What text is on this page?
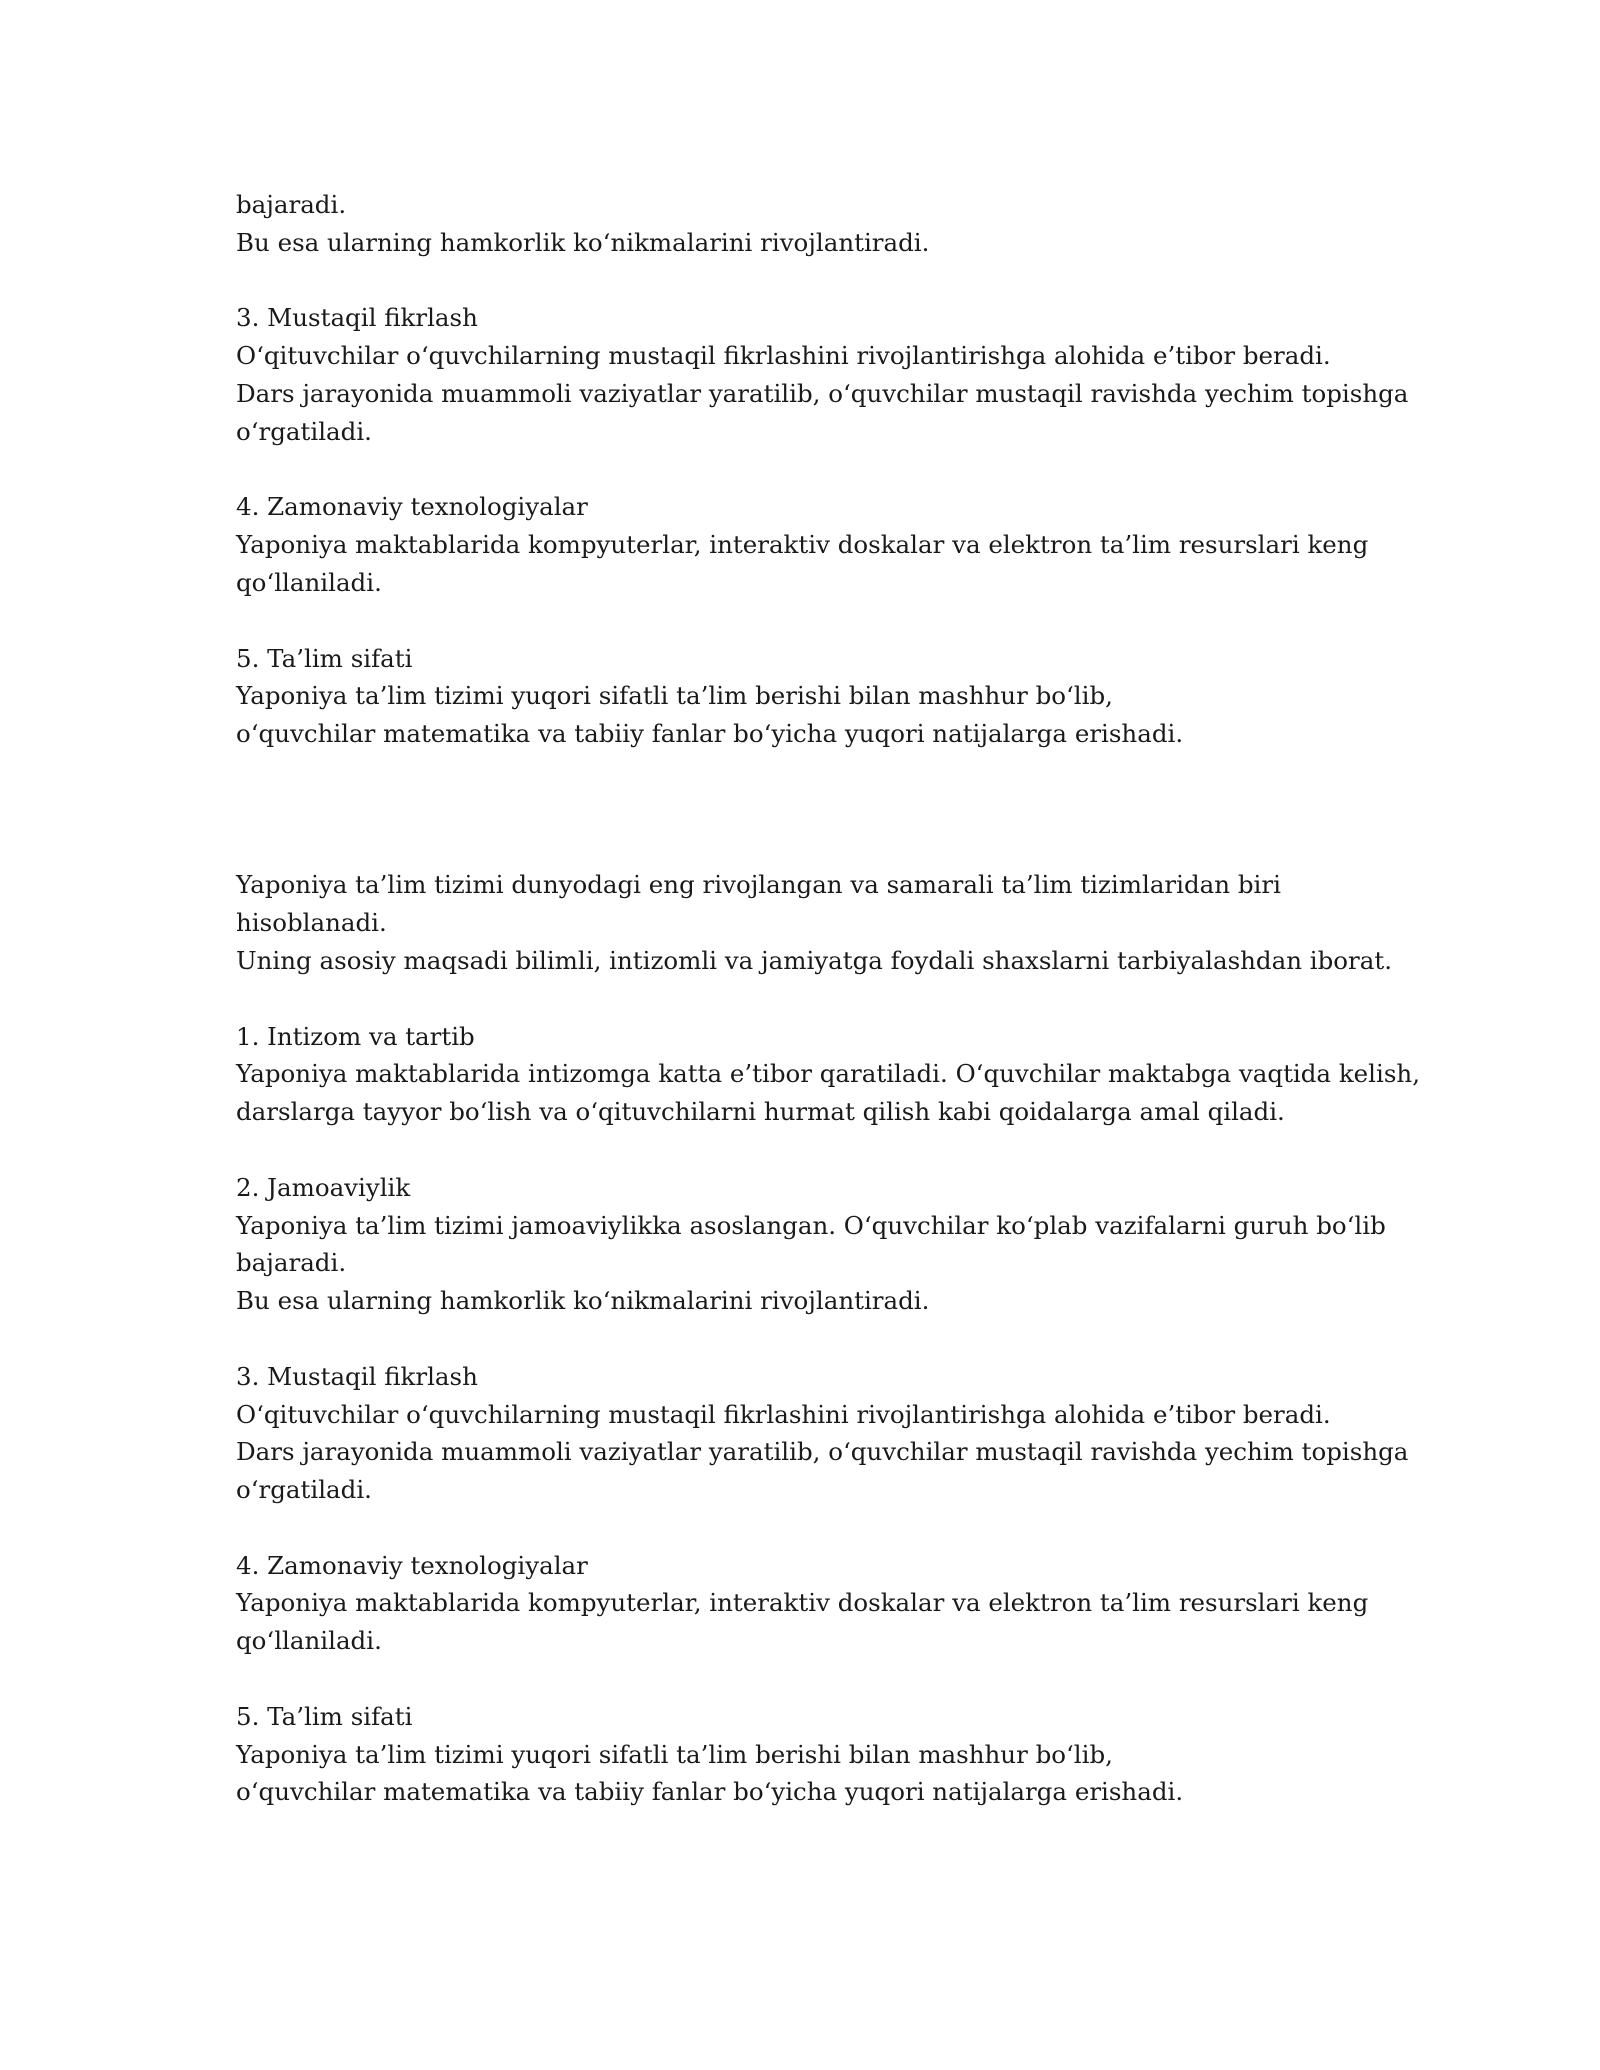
bajaradi.
Bu esa ularning hamkorlik ko‘nikmalarini rivojlantiradi.
3. Mustaqil fikrlash
O‘qituvchilar o‘quvchilarning mustaqil fikrlashini rivojlantirishga alohida e’tibor beradi.
Dars jarayonida muammoli vaziyatlar yaratilib, o‘quvchilar mustaqil ravishda yechim topishga
o‘rgatiladi.
4. Zamonaviy texnologiyalar
Yaponiya maktablarida kompyuterlar, interaktiv doskalar va elektron ta’lim resurslari keng
qo‘llaniladi.
5. Ta’lim sifati
Yaponiya ta’lim tizimi yuqori sifatli ta’lim berishi bilan mashhur bo‘lib,
o‘quvchilar matematika va tabiiy fanlar bo‘yicha yuqori natijalarga erishadi.
Yaponiya ta’lim tizimi dunyodagi eng rivojlangan va samarali ta’lim tizimlaridan biri
hisoblanadi.
Uning asosiy maqsadi bilimli, intizomli va jamiyatga foydali shaxslarni tarbiyalashdan iborat.
1. Intizom va tartib
Yaponiya maktablarida intizomga katta e’tibor qaratiladi. O‘quvchilar maktabga vaqtida kelish,
darslarga tayyor bo‘lish va o‘qituvchilarni hurmat qilish kabi qoidalarga amal qiladi.
2. Jamoaviylik
Yaponiya ta’lim tizimi jamoaviylikka asoslangan. O‘quvchilar ko‘plab vazifalarni guruh bo‘lib
bajaradi.
Bu esa ularning hamkorlik ko‘nikmalarini rivojlantiradi.
3. Mustaqil fikrlash
O‘qituvchilar o‘quvchilarning mustaqil fikrlashini rivojlantirishga alohida e’tibor beradi.
Dars jarayonida muammoli vaziyatlar yaratilib, o‘quvchilar mustaqil ravishda yechim topishga
o‘rgatiladi.
4. Zamonaviy texnologiyalar
Yaponiya maktablarida kompyuterlar, interaktiv doskalar va elektron ta’lim resurslari keng
qo‘llaniladi.
5. Ta’lim sifati
Yaponiya ta’lim tizimi yuqori sifatli ta’lim berishi bilan mashhur bo‘lib,
o‘quvchilar matematika va tabiiy fanlar bo‘yicha yuqori natijalarga erishadi.
